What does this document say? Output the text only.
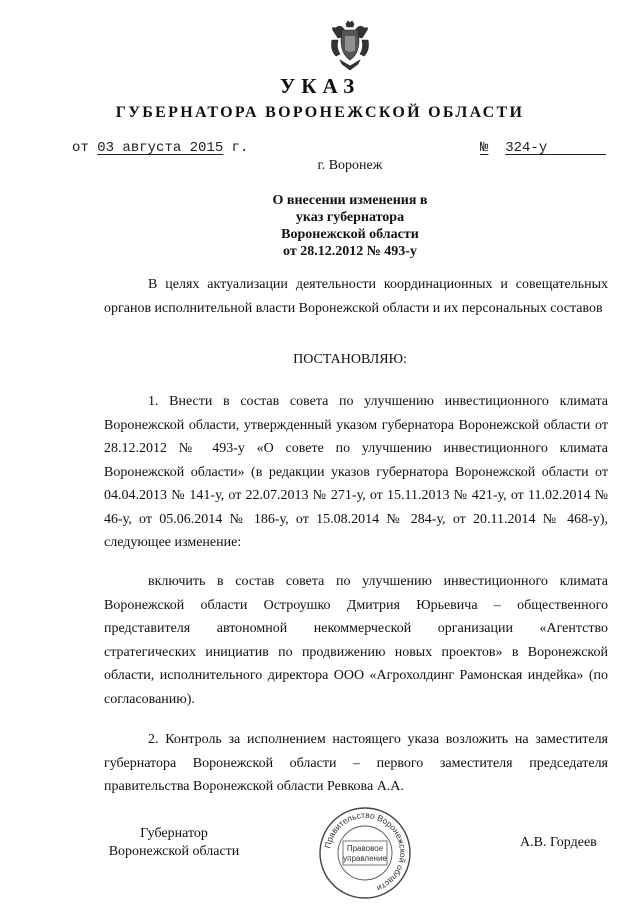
УКАЗ
ГУБЕРНАТОРА ВОРОНЕЖСКОЙ ОБЛАСТИ
от 03 августа 2015 г.	№ 324-у
г. Воронеж
О внесении изменения в
указ губернатора
Воронежской области
от 28.12.2012 № 493-у
В целях актуализации деятельности координационных и совещательных органов исполнительной власти Воронежской области и их персональных составов
ПОСТАНОВЛЯЮ:
1. Внести в состав совета по улучшению инвестиционного климата Воронежской области, утвержденный указом губернатора Воронежской области от 28.12.2012 № 493-у «О совете по улучшению инвестиционного климата Воронежской области» (в редакции указов губернатора Воронежской области от 04.04.2013 № 141-у, от 22.07.2013 № 271-у, от 15.11.2013 № 421-у, от 11.02.2014 № 46-у, от 05.06.2014 № 186-у, от 15.08.2014 № 284-у, от 20.11.2014 № 468-у), следующее изменение:
включить в состав совета по улучшению инвестиционного климата Воронежской области Остроушко Дмитрия Юрьевича – общественного представителя автономной некоммерческой организации «Агентство стратегических инициатив по продвижению новых проектов» в Воронежской области, исполнительного директора ООО «Агрохолдинг Рамонская индейка» (по согласованию).
2. Контроль за исполнением настоящего указа возложить на заместителя губернатора Воронежской области – первого заместителя председателя правительства Воронежской области Ревкова А.А.
Губернатор
Воронежской области
А.В. Гордеев
Правительство Воронежской области
Правовое
управление
